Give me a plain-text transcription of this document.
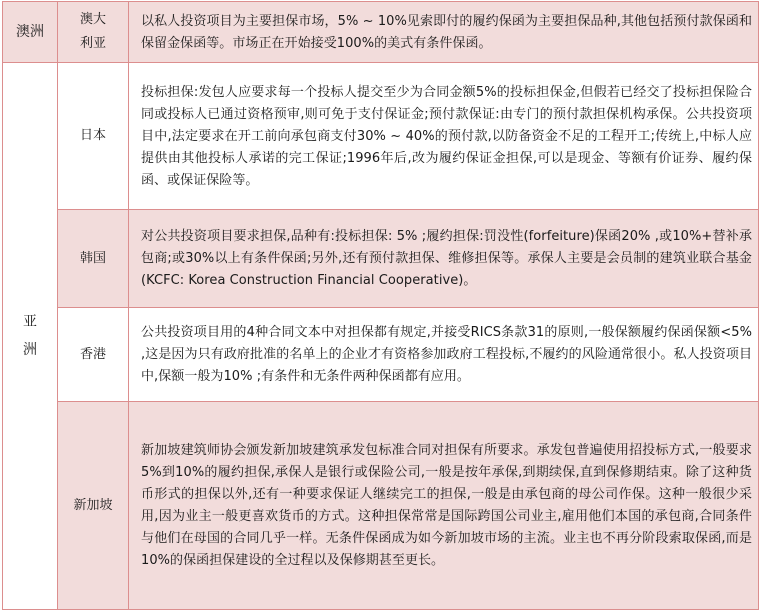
澳洲	澳大利亚	以私人投资项目为主要担保市场，5% ~ 10%见索即付的履约保函为主要担保品种,其他包括预付款保函和保留金保函等。市场正在开始接受100%的美式有条件保函。
亚洲	日本	投标担保:发包人应要求每一个投标人提交至少为合同金额5%的投标担保金,但假若已经交了投标担保险合同或投标人已通过资格预审,则可免于支付保证金;预付款保证:由专门的预付款担保机构承保。公共投资项目中,法定要求在开工前向承包商支付30% ~ 40%的预付款,以防备资金不足的工程开工;传统上,中标人应提供由其他投标人承诺的完工保证;1996年后,改为履约保证金担保,可以是现金、等额有价证券、履约保函、或保证保险等。
	韩国	对公共投资项目要求担保,品种有:投标担保: 5% ;履约担保:罚没性(forfeiture)保函20% ,或10%+替补承包商;或30%以上有条件保函;另外,还有预付款担保、维修担保等。承保人主要是会员制的建筑业联合基金(KCFC: Korea Construction Financial Cooperative)。
	香港	公共投资项目用的4种合同文本中对担保都有规定,并接受RICS条款31的原则,一般保额履约保函保额<5% ,这是因为只有政府批准的名单上的企业才有资格参加政府工程投标,不履约的风险通常很小。私人投资项目中,保额一般为10% ;有条件和无条件两种保函都有应用。
	新加坡	新加坡建筑师协会颁发新加坡建筑承发包标准合同对担保有所要求。承发包普遍使用招投标方式,一般要求5%到10%的履约担保,承保人是银行或保险公司,一般是按年承保,到期续保,直到保修期结束。除了这种货币形式的担保以外,还有一种要求保证人继续完工的担保,一般是由承包商的母公司作保。这种一般很少采用,因为业主一般更喜欢货币的方式。这种担保常常是国际跨国公司业主,雇用他们本国的承包商,合同条件与他们在母国的合同几乎一样。无条件保函成为如今新加坡市场的主流。业主也不再分阶段索取保函,而是10%的保函担保建设的全过程以及保修期甚至更长。
